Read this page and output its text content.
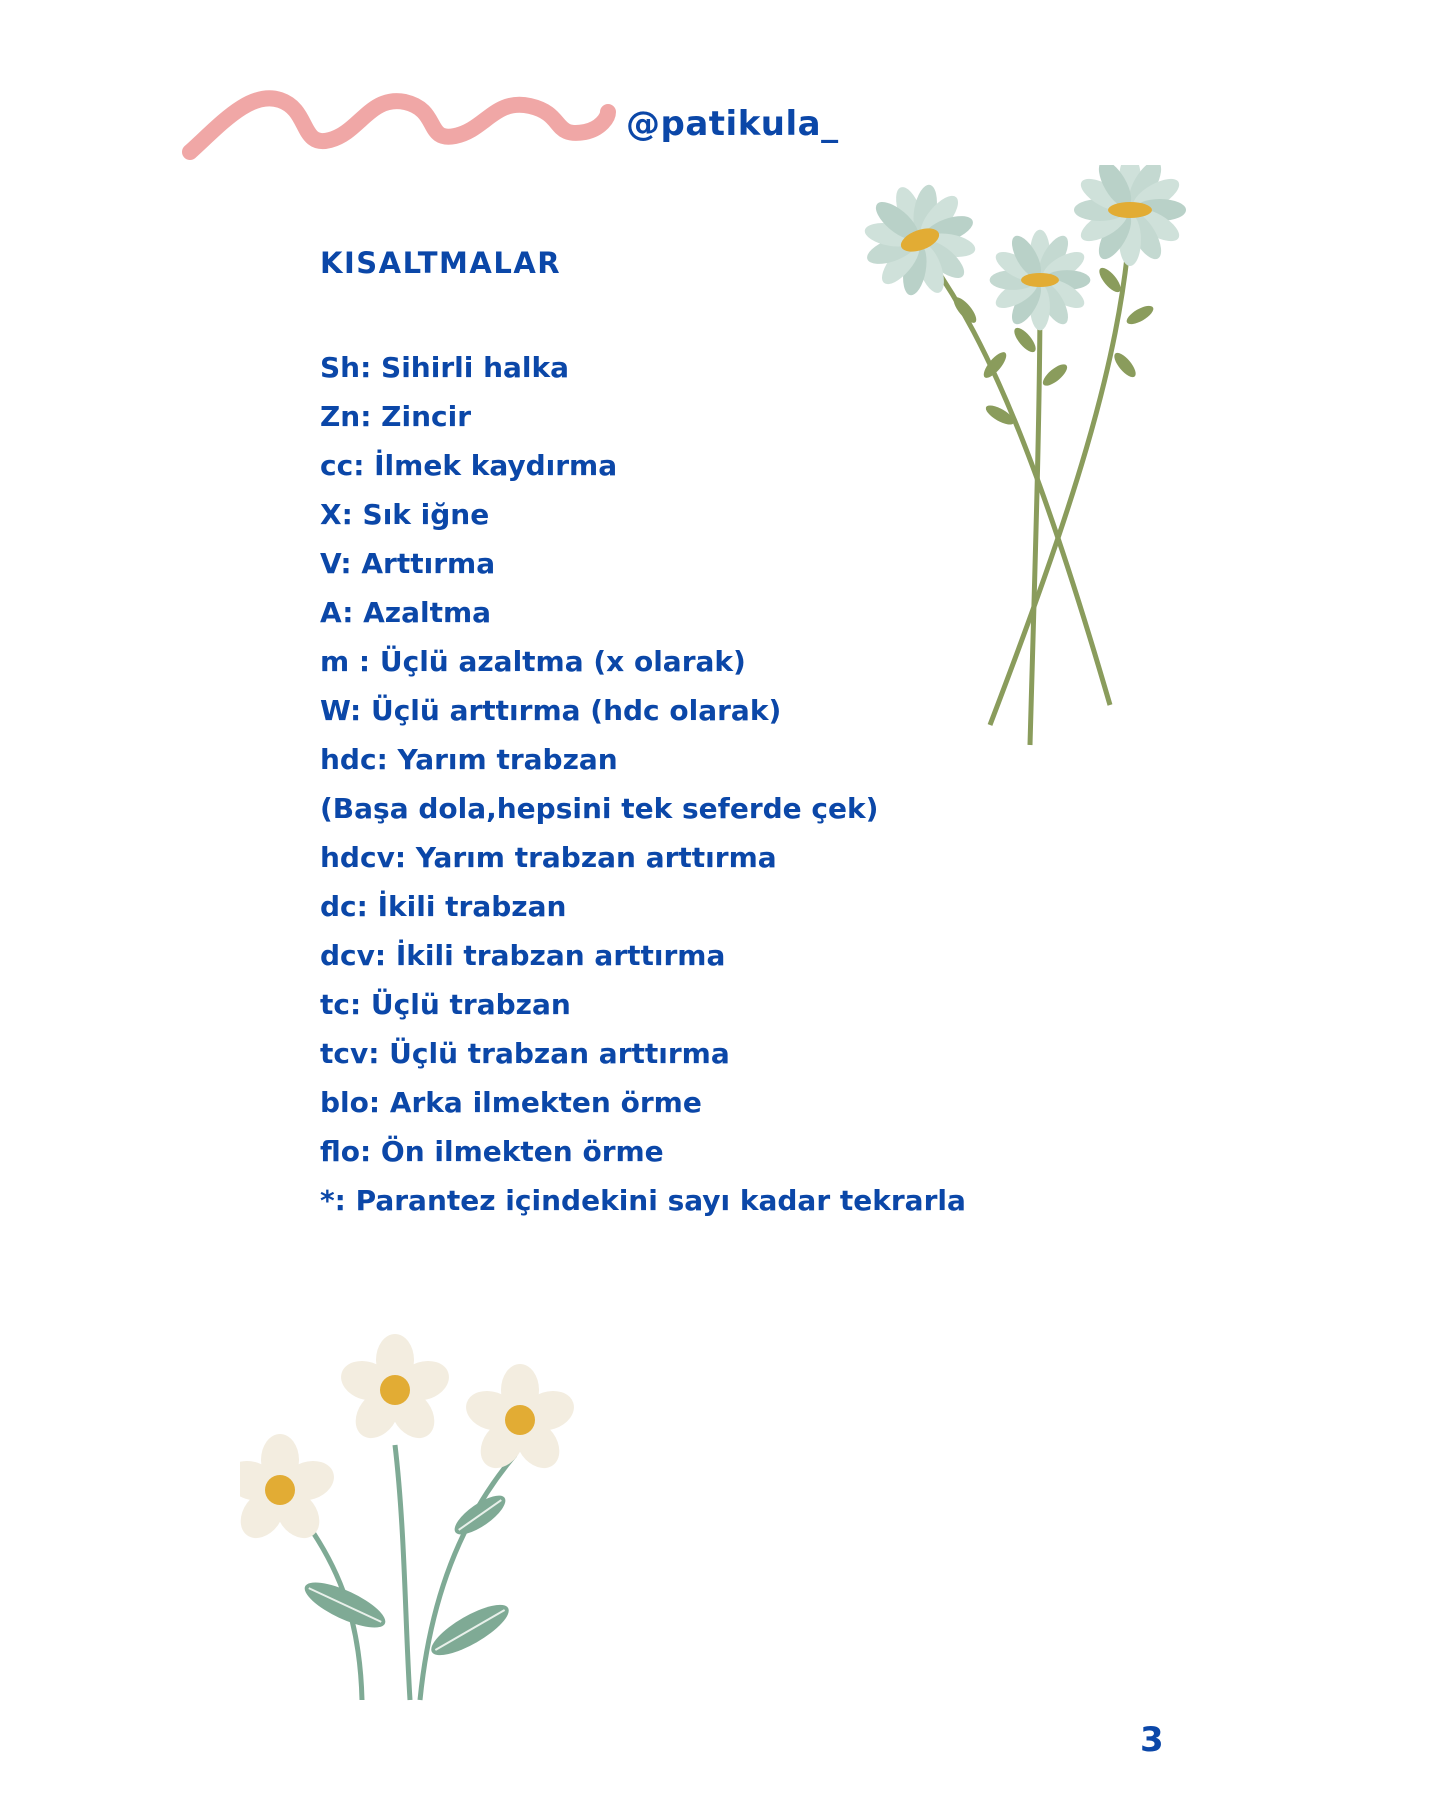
@patikula_
KISALTMALAR
Sh: Sihirli halka
Zn: Zincir
cc: İlmek kaydırma
X: Sık iğne
V: Arttırma
A: Azaltma
m : Üçlü azaltma (x olarak)
W: Üçlü arttırma (hdc olarak)
hdc: Yarım trabzan
(Başa dola,hepsini tek seferde çek)
hdcv: Yarım trabzan arttırma
dc: İkili trabzan
dcv: İkili trabzan arttırma
tc: Üçlü trabzan
tcv: Üçlü trabzan arttırma
blo: Arka ilmekten örme
flo: Ön ilmekten örme
*: Parantez içindekini sayı kadar tekrarla
3
